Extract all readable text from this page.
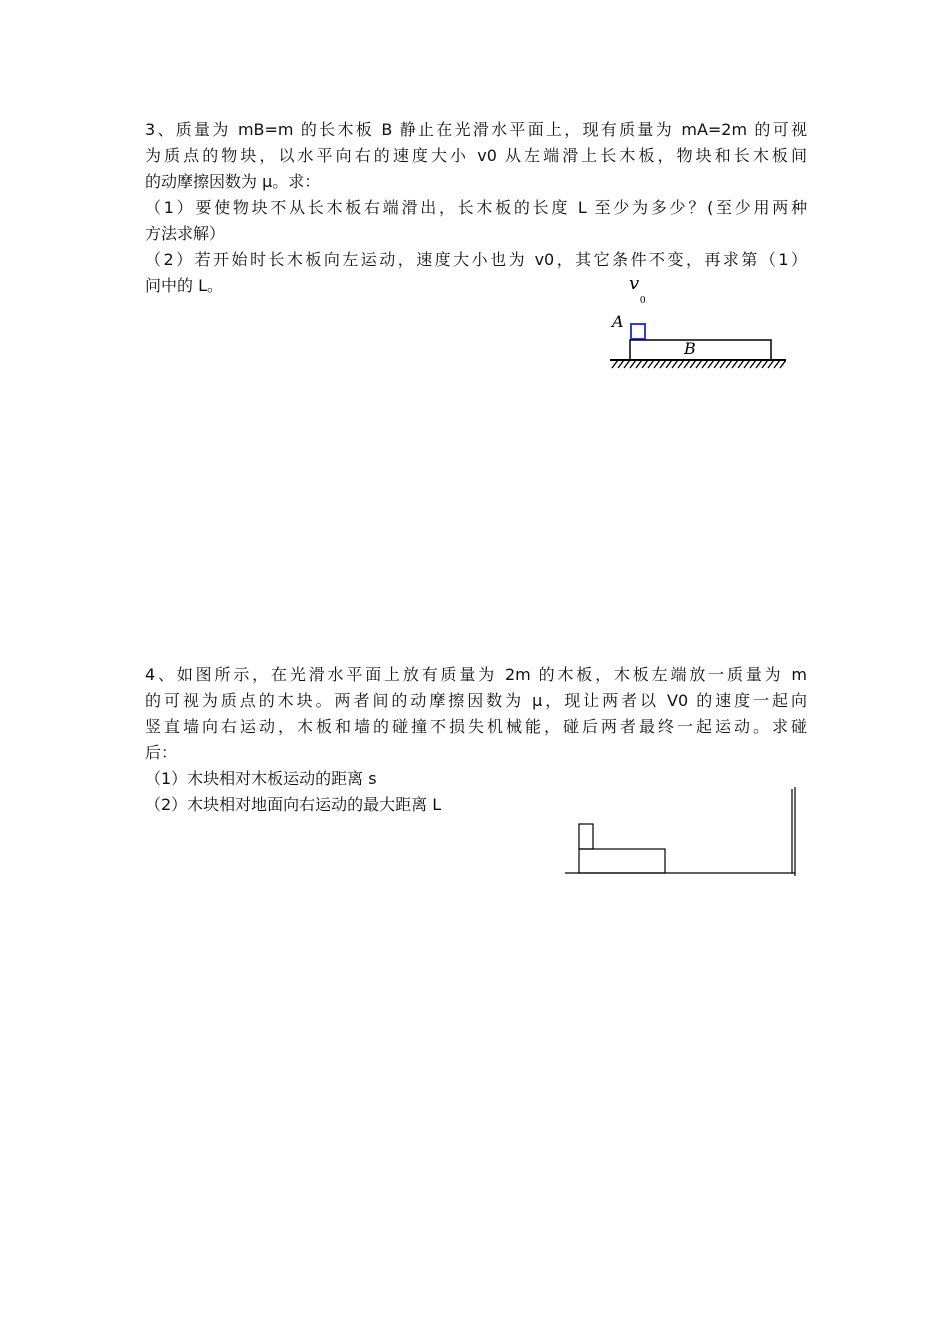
3、质量为 mB=m 的长木板 B 静止在光滑水平面上，现有质量为 mA=2m 的可视
为质点的物块，以水平向右的速度大小 v0 从左端滑上长木板，物块和长木板间
的动摩擦因数为 μ。求：
（1）要使物块不从长木板右端滑出，长木板的长度 L 至少为多少？(至少用两种
方法求解）
（2）若开始时长木板向左运动，速度大小也为 v0，其它条件不变，再求第（1）
问中的 L。	v
0
A
B
4、如图所示，在光滑水平面上放有质量为 2m 的木板，木板左端放一质量为 m
的可视为质点的木块。两者间的动摩擦因数为 μ，现让两者以 V0 的速度一起向
竖直墙向右运动，木板和墙的碰撞不损失机械能，碰后两者最终一起运动。求碰
后：
（1）木块相对木板运动的距离 s
（2）木块相对地面向右运动的最大距离 L
